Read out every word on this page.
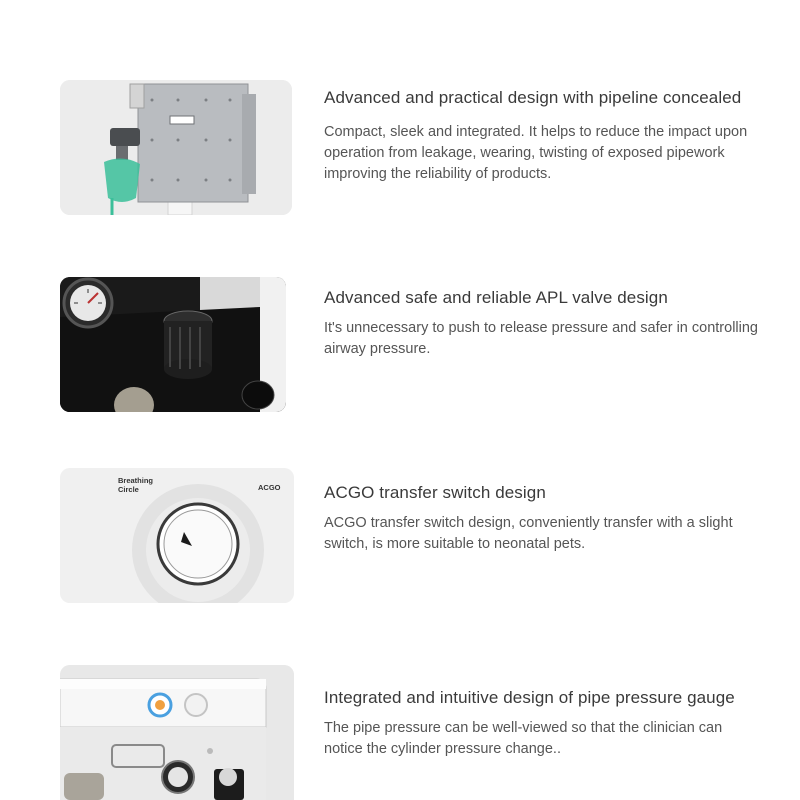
Advanced and practical design with pipeline concealed

Compact, sleek and integrated. It helps to reduce the impact upon operation from leakage, wearing, twisting of exposed pipework improving the reliability of products.

Advanced safe and reliable APL valve design

It's unnecessary to push to release pressure and safer in controlling airway pressure.

Breathing
Circle	ACGO	ACGO transfer switch design

ACGO transfer switch design, conveniently transfer with a slight switch, is more suitable to neonatal pets.

Integrated and intuitive design of pipe pressure gauge

The pipe pressure can be well-viewed so that the clinician can notice the cylinder pressure change..
